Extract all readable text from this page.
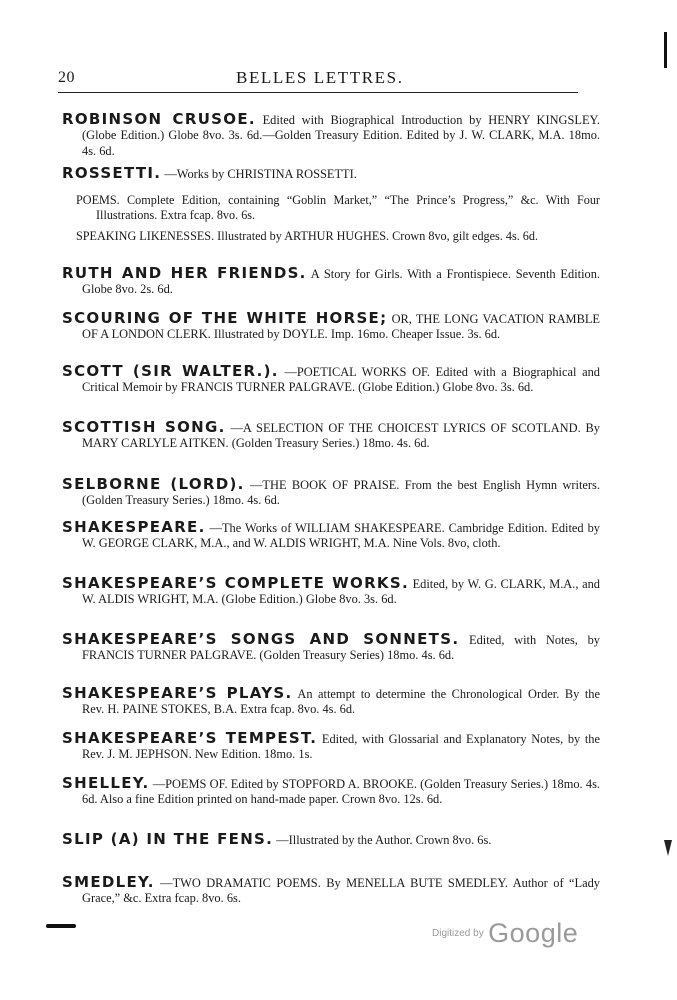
20	BELLES LETTRES.
ROBINSON CRUSOE. Edited with Biographical Introduction by HENRY KINGSLEY. (Globe Edition.) Globe 8vo. 3s. 6d.—Golden Treasury Edition. Edited by J. W. CLARK, M.A. 18mo. 4s. 6d.
ROSSETTI. —Works by CHRISTINA ROSSETTI.
POEMS. Complete Edition, containing “Goblin Market,” “The Prince’s Progress,” &c. With Four Illustrations. Extra fcap. 8vo. 6s.
SPEAKING LIKENESSES. Illustrated by ARTHUR HUGHES. Crown 8vo, gilt edges. 4s. 6d.
RUTH AND HER FRIENDS. A Story for Girls. With a Frontispiece. Seventh Edition. Globe 8vo. 2s. 6d.
SCOURING OF THE WHITE HORSE; OR, THE LONG VACATION RAMBLE OF A LONDON CLERK. Illustrated by DOYLE. Imp. 16mo. Cheaper Issue. 3s. 6d.
SCOTT (SIR WALTER.). —POETICAL WORKS OF. Edited with a Biographical and Critical Memoir by FRANCIS TURNER PALGRAVE. (Globe Edition.) Globe 8vo. 3s. 6d.
SCOTTISH SONG. —A SELECTION OF THE CHOICEST LYRICS OF SCOTLAND. By MARY CARLYLE AITKEN. (Golden Treasury Series.) 18mo. 4s. 6d.
SELBORNE (LORD). —THE BOOK OF PRAISE. From the best English Hymn writers. (Golden Treasury Series.) 18mo. 4s. 6d.
SHAKESPEARE. —The Works of WILLIAM SHAKESPEARE. Cambridge Edition. Edited by W. GEORGE CLARK, M.A., and W. ALDIS WRIGHT, M.A. Nine Vols. 8vo, cloth.
SHAKESPEARE’S COMPLETE WORKS. Edited, by W. G. CLARK, M.A., and W. ALDIS WRIGHT, M.A. (Globe Edition.) Globe 8vo. 3s. 6d.
SHAKESPEARE’S SONGS AND SONNETS. Edited, with Notes, by FRANCIS TURNER PALGRAVE. (Golden Treasury Series) 18mo. 4s. 6d.
SHAKESPEARE’S PLAYS. An attempt to determine the Chronological Order. By the Rev. H. PAINE STOKES, B.A. Extra fcap. 8vo. 4s. 6d.
SHAKESPEARE’S TEMPEST. Edited, with Glossarial and Explanatory Notes, by the Rev. J. M. JEPHSON. New Edition. 18mo. 1s.
SHELLEY. —POEMS OF. Edited by STOPFORD A. BROOKE. (Golden Treasury Series.) 18mo. 4s. 6d. Also a fine Edition printed on hand-made paper. Crown 8vo. 12s. 6d.
SLIP (A) IN THE FENS. —Illustrated by the Author. Crown 8vo. 6s.
SMEDLEY. —TWO DRAMATIC POEMS. By MENELLA BUTE SMEDLEY. Author of “Lady Grace,” &c. Extra fcap. 8vo. 6s.
Digitized by Google
